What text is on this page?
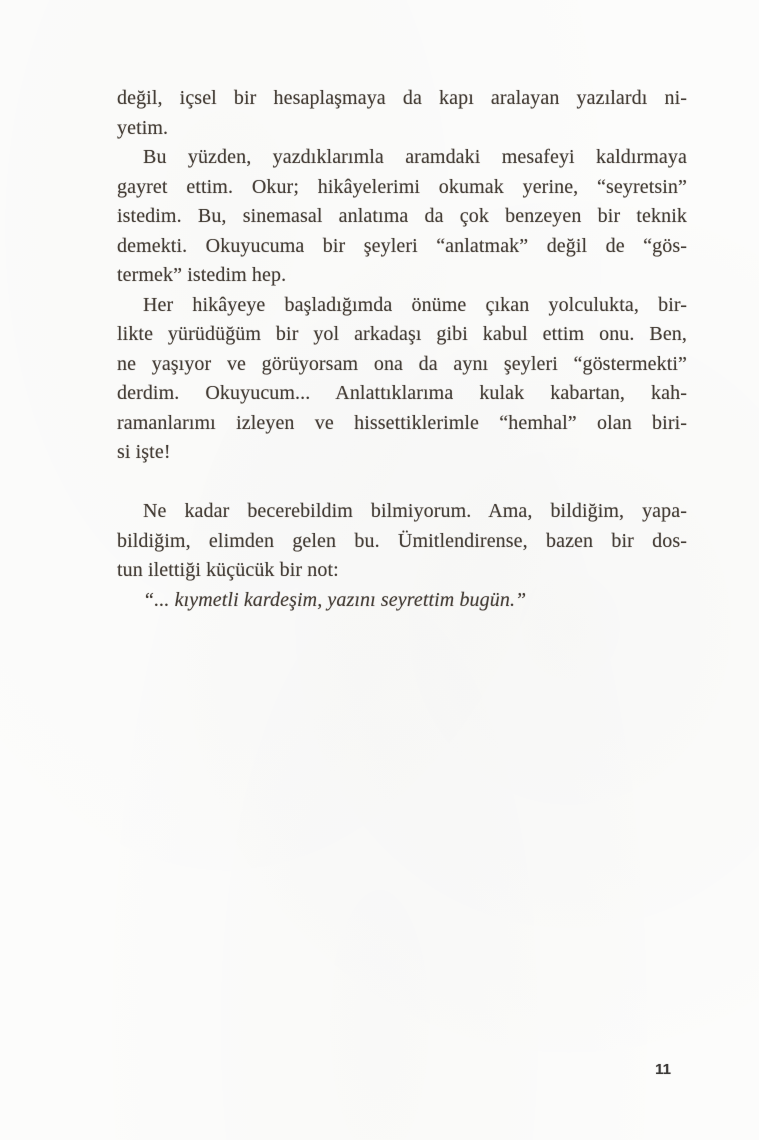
değil, içsel bir hesaplaşmaya da kapı aralayan yazılardı ni-
yetim.
Bu yüzden, yazdıklarımla aramdaki mesafeyi kaldırmaya
gayret ettim. Okur; hikâyelerimi okumak yerine, “seyretsin”
istedim. Bu, sinemasal anlatıma da çok benzeyen bir teknik
demekti. Okuyucuma bir şeyleri “anlatmak” değil de “gös-
termek” istedim hep.
Her hikâyeye başladığımda önüme çıkan yolculukta, bir-
likte yürüdüğüm bir yol arkadaşı gibi kabul ettim onu. Ben,
ne yaşıyor ve görüyorsam ona da aynı şeyleri “göstermekti”
derdim. Okuyucum... Anlattıklarıma kulak kabartan, kah-
ramanlarımı izleyen ve hissettiklerimle “hemhal” olan biri-
si işte!
Ne kadar becerebildim bilmiyorum. Ama, bildiğim, yapa-
bildiğim, elimden gelen bu. Ümitlendirense, bazen bir dos-
tun ilettiği küçücük bir not:
“... kıymetli kardeşim, yazını seyrettim bugün.”
11
